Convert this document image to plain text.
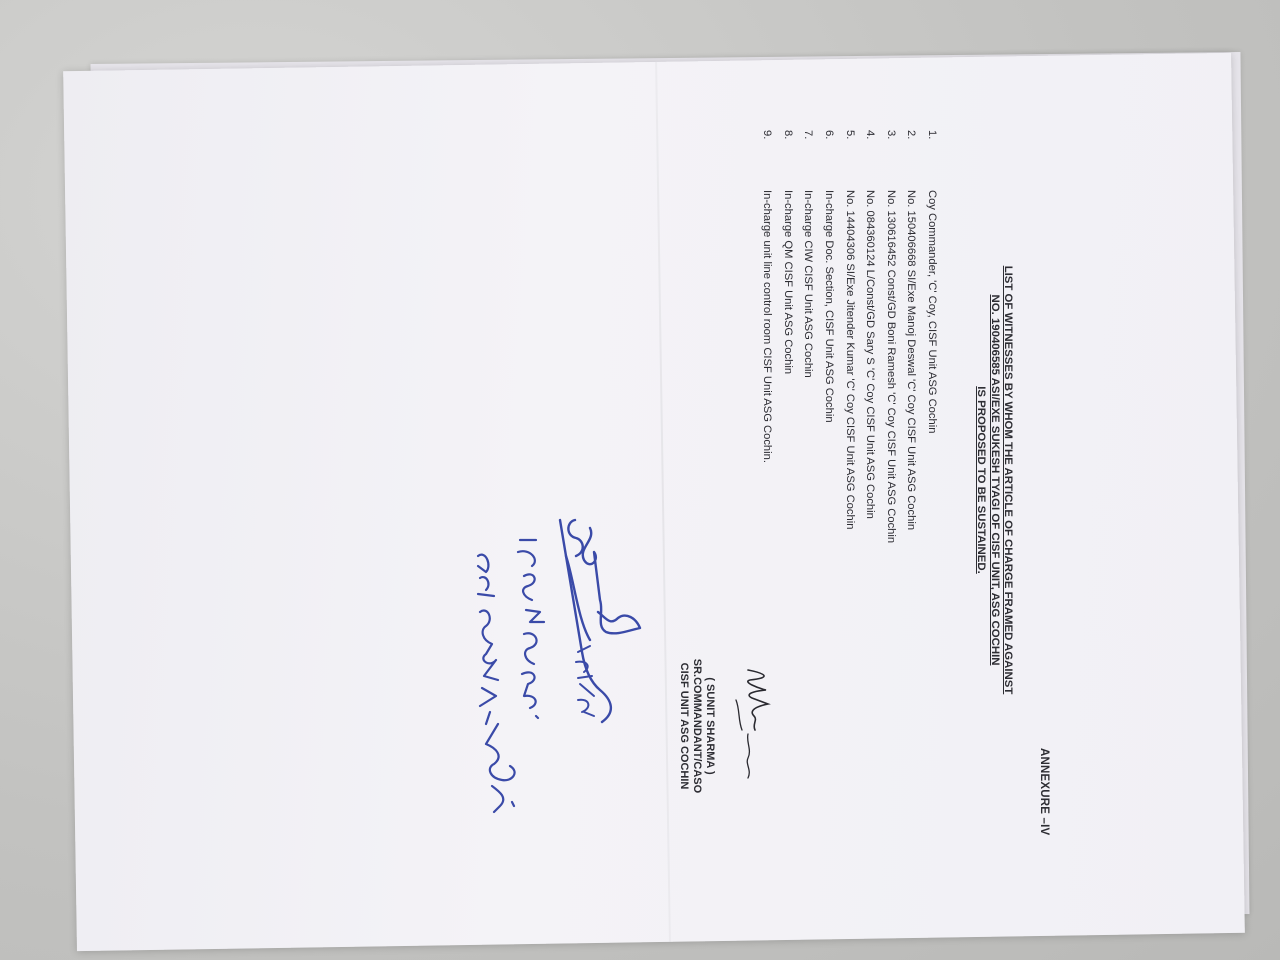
ANNEXURE –IV
LIST OF WITNESSES BY WHOM THE ARTICLE OF CHARGE FRAMED AGAINST
NO. 190406585 ASI/EXE SUKESH TYAGI OF CISF UNIT, ASG COCHIN
IS PROPOSED TO BE SUSTAINED.
1.
Coy Commander, 'C' Coy, CISF Unit ASG Cochin
2.
No. 150406668 SI/Exe Manoj Deswal 'C' Coy CISF Unit ASG Cochin
3.
No. 130616452 Const/GD Boni Ramesh 'C' Coy CISF Unit ASG Cochin
4.
No. 084360124 L/Const/GD Sary S 'C' Coy CISF Unit ASG Cochin
5.
No. 14404306 SI/Exe Jitender Kumar 'C' Coy CISF Unit ASG Cochin
6.
In-charge Doc. Section, CISF Unit ASG Cochin
7.
In-charge CIW CISF Unit ASG Cochin
8.
In-charge QM CISF Unit ASG Cochin
9.
In-charge unit line control room CISF Unit ASG Cochin.
( SUNIT SHARMA )
SR.COMMANDANT/CASO
CISF UNIT ASG COCHIN
